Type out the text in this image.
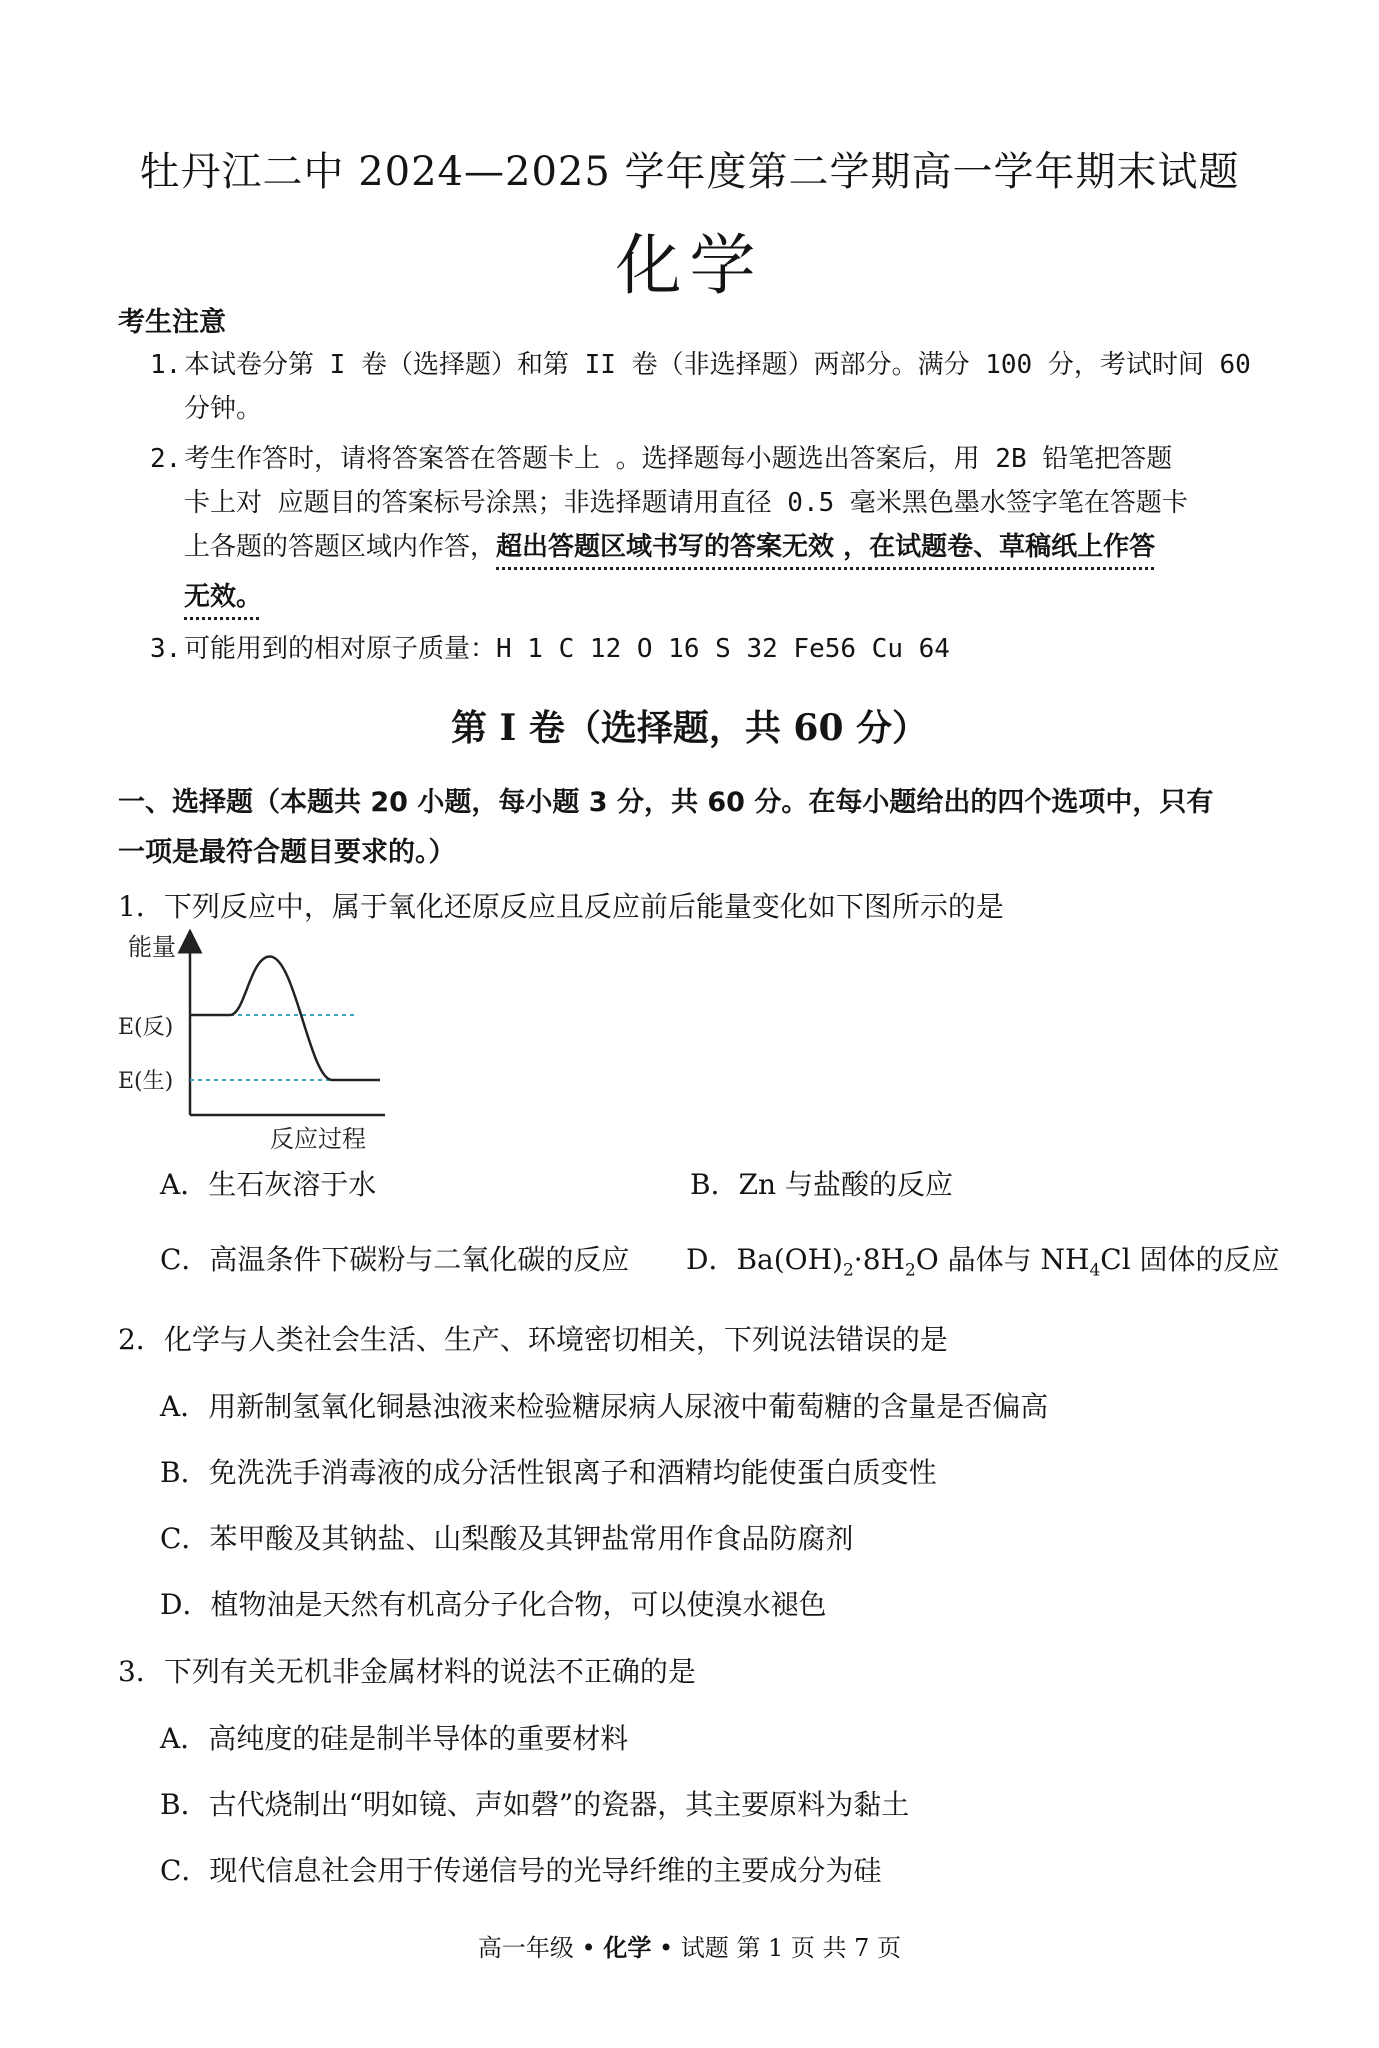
牡丹江二中 2024—2025 学年度第二学期高一学年期末试题
化学
考生注意
1. 本试卷分第 I 卷（选择题）和第 II 卷（非选择题）两部分。满分 100 分，考试时间 60
分钟。
2. 考生作答时，请将答案答在答题卡上 。选择题每小题选出答案后，用 2B 铅笔把答题
卡上对 应题目的答案标号涂黑；非选择题请用直径 0.5 毫米黑色墨水签字笔在答题卡
上各题的答题区域内作答，超出答题区域书写的答案无效 ，在试题卷、草稿纸上作答
无效。
3. 可能用到的相对原子质量：H 1 C 12 O 16 S 32 Fe56 Cu 64
第 I 卷（选择题，共 60 分）
一、选择题（本题共 20 小题，每小题 3 分，共 60 分。在每小题给出的四个选项中，只有
一项是最符合题目要求的。）
1．下列反应中，属于氧化还原反应且反应前后能量变化如下图所示的是
能量
反应过程
E(反)
E(生)
A．生石灰溶于水	B．Zn 与盐酸的反应
C．高温条件下碳粉与二氧化碳的反应 D．$Ba(OH)_2\cdot 8H_2O$ 晶体与 $NH_4Cl$ 固体的反应
2．化学与人类社会生活、生产、环境密切相关，下列说法错误的是
A．用新制氢氧化铜悬浊液来检验糖尿病人尿液中葡萄糖的含量是否偏高
B．免洗洗手消毒液的成分活性银离子和酒精均能使蛋白质变性
C．苯甲酸及其钠盐、山梨酸及其钾盐常用作食品防腐剂
D．植物油是天然有机高分子化合物，可以使溴水褪色
3．下列有关无机非金属材料的说法不正确的是
A．高纯度的硅是制半导体的重要材料
B．古代烧制出“明如镜、声如磬”的瓷器，其主要原料为黏土
C．现代信息社会用于传递信号的光导纤维的主要成分为硅
高一年级 • 化学 • 试题 第 1 页 共 7 页
